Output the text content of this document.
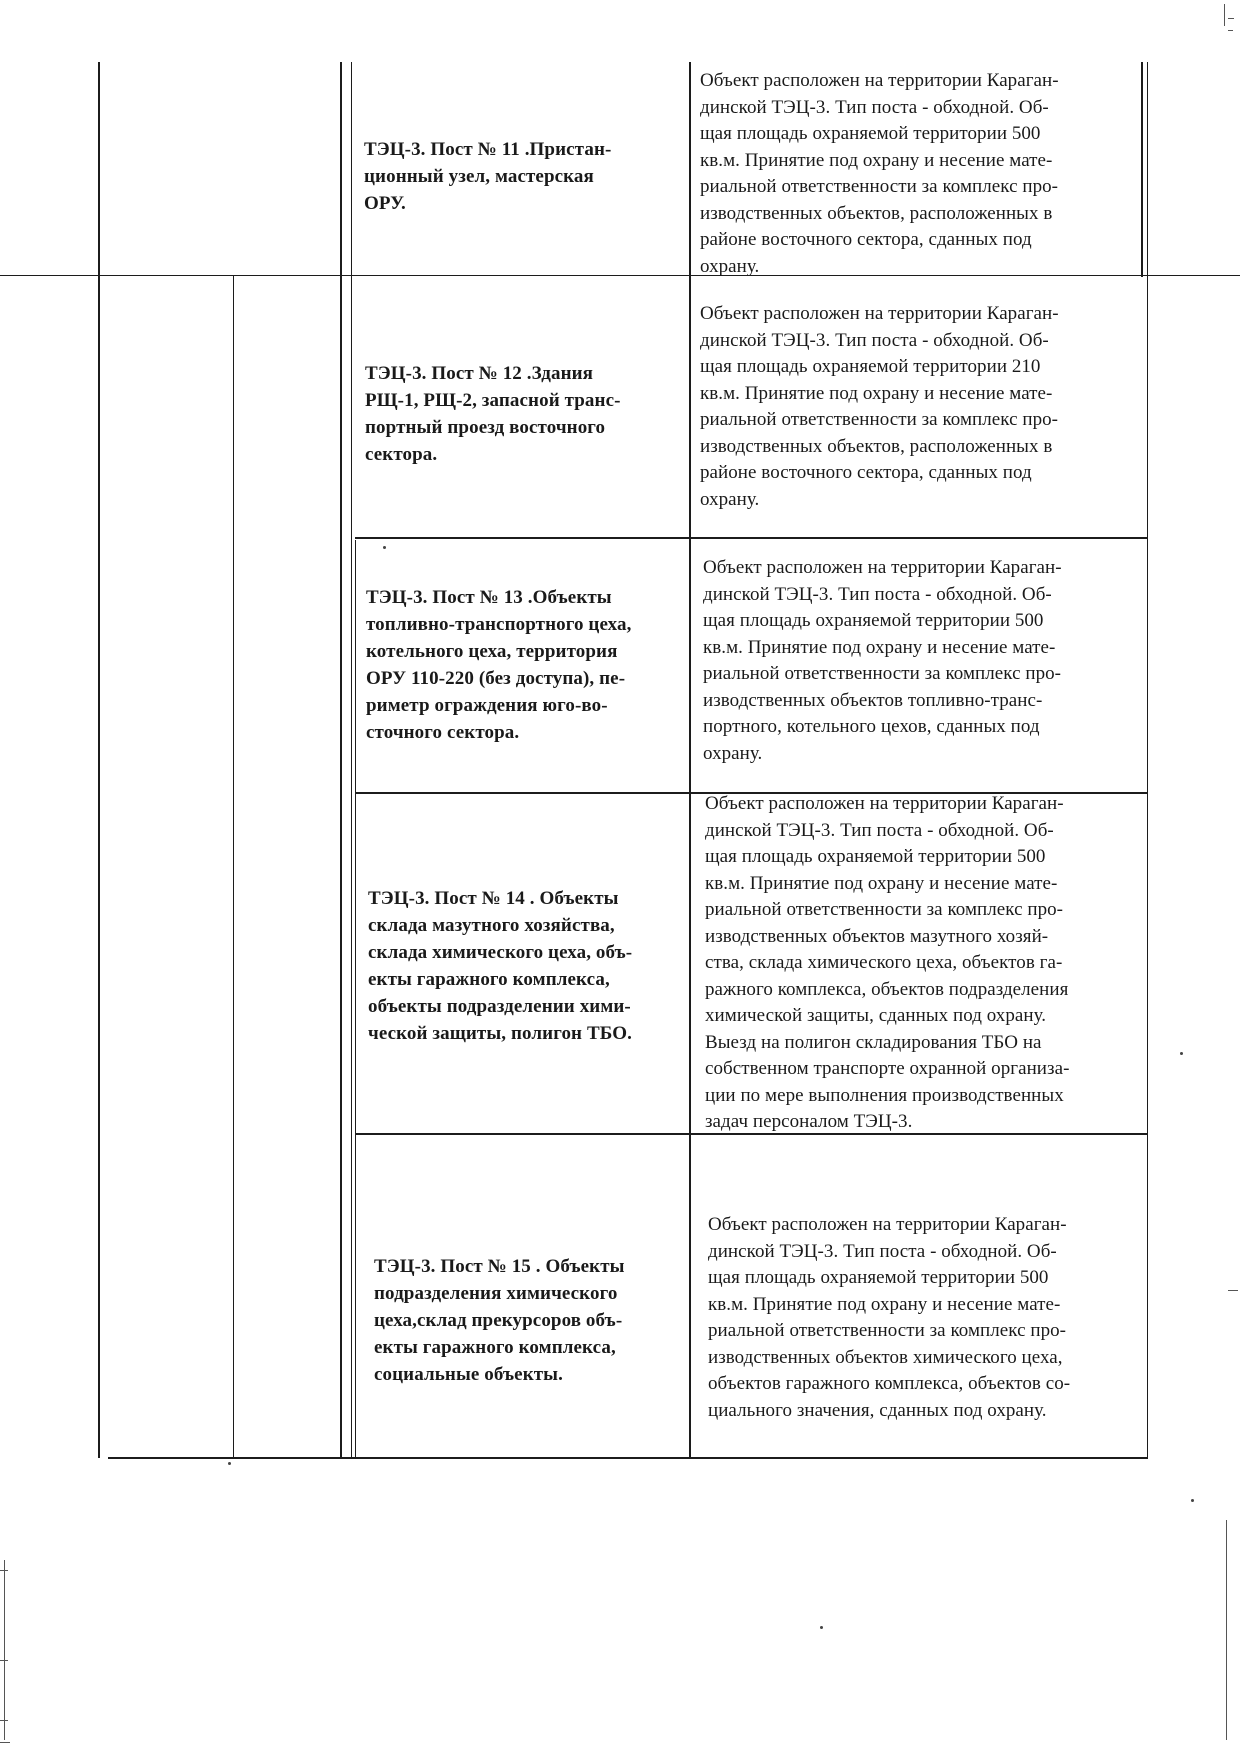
ТЭЦ-3. Пост № 11 .Пристан-
ционный узел, мастерская
ОРУ.
Объект расположен на территории Караган-
динской ТЭЦ-3. Тип поста - обходной. Об-
щая площадь охраняемой территории 500
кв.м. Принятие под охрану и несение мате-
риальной ответственности за комплекс про-
изводственных объектов, расположенных в
районе восточного сектора, сданных под
охрану.
ТЭЦ-3. Пост № 12 .Здания
РЩ-1, РЩ-2, запасной транс-
портный проезд восточного
сектора.
Объект расположен на территории Караган-
динской ТЭЦ-3. Тип поста - обходной. Об-
щая площадь охраняемой территории 210
кв.м. Принятие под охрану и несение мате-
риальной ответственности за комплекс про-
изводственных объектов, расположенных в
районе восточного сектора, сданных под
охрану.
ТЭЦ-3. Пост № 13 .Объекты
топливно-транспортного цеха,
котельного цеха, территория
ОРУ 110-220 (без доступа), пе-
риметр ограждения юго-во-
сточного сектора.
Объект расположен на территории Караган-
динской ТЭЦ-3. Тип поста - обходной. Об-
щая площадь охраняемой территории 500
кв.м. Принятие под охрану и несение мате-
риальной ответственности за комплекс про-
изводственных объектов топливно-транс-
портного, котельного цехов, сданных под
охрану.
ТЭЦ-3. Пост № 14 . Объекты
склада мазутного хозяйства,
склада химического цеха, объ-
екты гаражного комплекса,
объекты подразделении хими-
ческой защиты, полигон ТБО.
Объект расположен на территории Караган-
динской ТЭЦ-3. Тип поста - обходной. Об-
щая площадь охраняемой территории 500
кв.м. Принятие под охрану и несение мате-
риальной ответственности за комплекс про-
изводственных объектов мазутного хозяй-
ства, склада химического цеха, объектов га-
ражного комплекса, объектов подразделения
химической защиты, сданных под охрану.
Выезд на полигон складирования ТБО на
собственном транспорте охранной организа-
ции по мере выполнения производственных
задач персоналом ТЭЦ-3.
ТЭЦ-3. Пост № 15 . Объекты
подразделения химического
цеха,склад прекурсоров объ-
екты гаражного комплекса,
социальные объекты.
Объект расположен на территории Караган-
динской ТЭЦ-3. Тип поста - обходной. Об-
щая площадь охраняемой территории 500
кв.м. Принятие под охрану и несение мате-
риальной ответственности за комплекс про-
изводственных объектов химического цеха,
объектов гаражного комплекса, объектов со-
циального значения, сданных под охрану.
